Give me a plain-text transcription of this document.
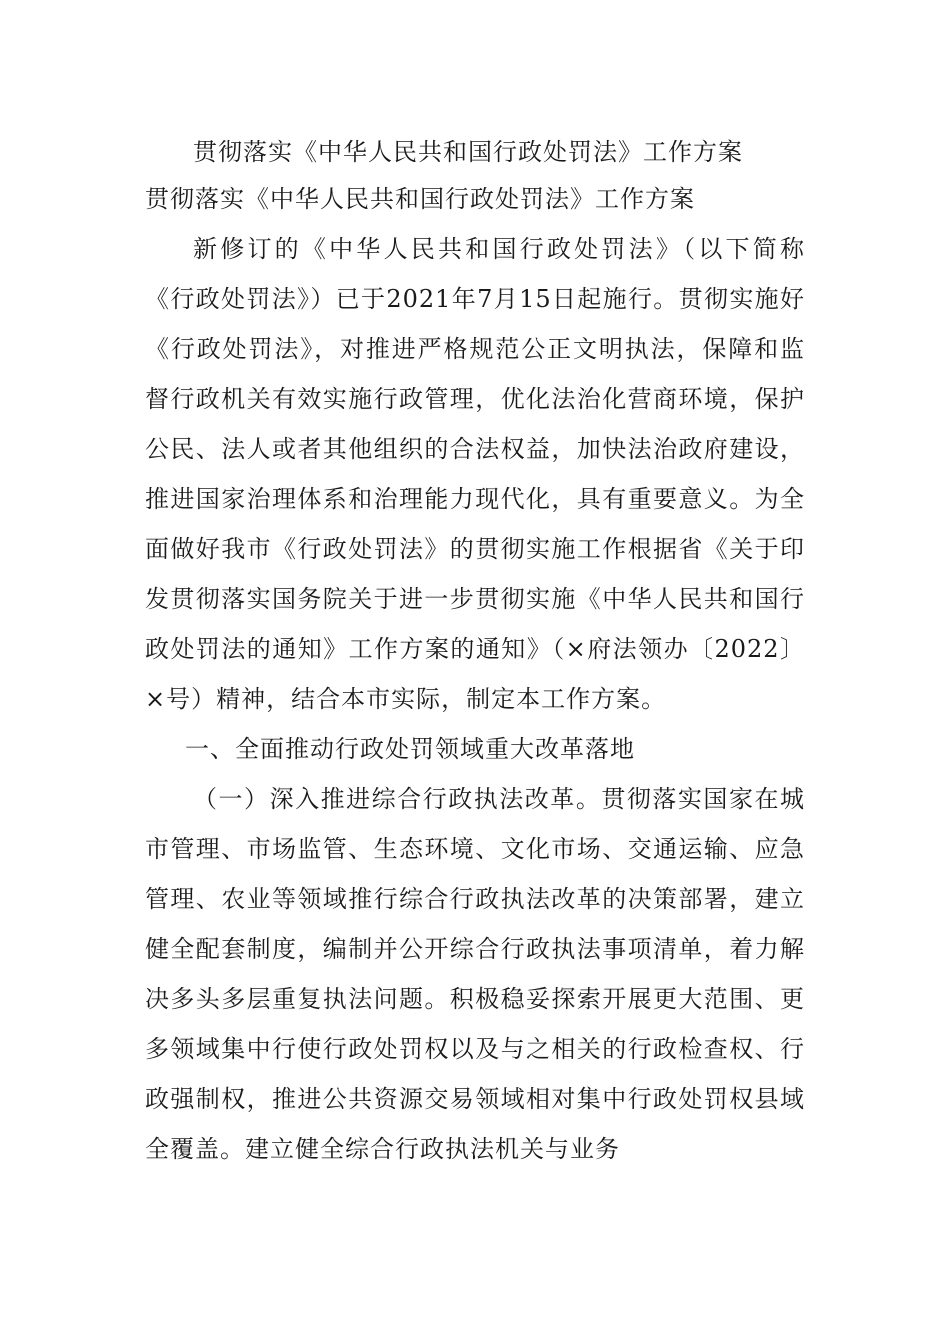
贯彻落实《中华人民共和国行政处罚法》工作方案
贯彻落实《中华人民共和国行政处罚法》工作方案

新修订的《中华人民共和国行政处罚法》（以下简称《行政处罚法》）已于2021年7月15日起施行。贯彻实施好《行政处罚法》，对推进严格规范公正文明执法，保障和监督行政机关有效实施行政管理，优化法治化营商环境，保护公民、法人或者其他组织的合法权益，加快法治政府建设，推进国家治理体系和治理能力现代化，具有重要意义。为全面做好我市《行政处罚法》的贯彻实施工作根据省《关于印发贯彻落实国务院关于进一步贯彻实施《中华人民共和国行政处罚法的通知》工作方案的通知》（×府法领办〔2022〕×号）精神，结合本市实际，制定本工作方案。

一、全面推动行政处罚领域重大改革落地

（一）深入推进综合行政执法改革。贯彻落实国家在城市管理、市场监管、生态环境、文化市场、交通运输、应急管理、农业等领域推行综合行政执法改革的决策部署，建立健全配套制度，编制并公开综合行政执法事项清单，着力解决多头多层重复执法问题。积极稳妥探索开展更大范围、更多领域集中行使行政处罚权以及与之相关的行政检查权、行政强制权，推进公共资源交易领域相对集中行政处罚权县域全覆盖。建立健全综合行政执法机关与业务
